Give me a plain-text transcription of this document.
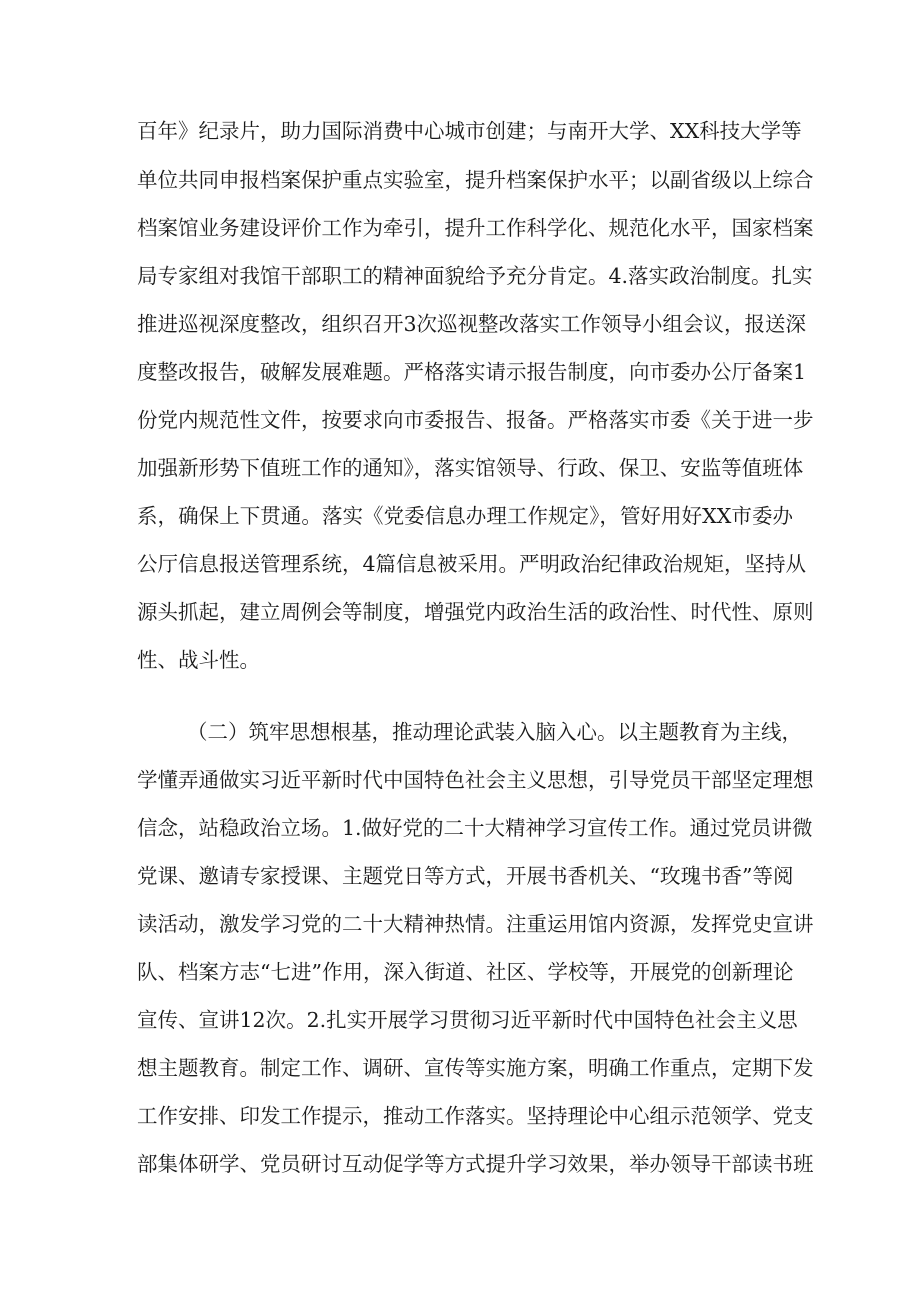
百年》纪录片，助力国际消费中心城市创建；与南开大学、XX科技大学等
单位共同申报档案保护重点实验室，提升档案保护水平；以副省级以上综合
档案馆业务建设评价工作为牵引，提升工作科学化、规范化水平，国家档案
局专家组对我馆干部职工的精神面貌给予充分肯定。4.落实政治制度。扎实
推进巡视深度整改，组织召开3次巡视整改落实工作领导小组会议，报送深
度整改报告，破解发展难题。严格落实请示报告制度，向市委办公厅备案1
份党内规范性文件，按要求向市委报告、报备。严格落实市委《关于进一步
加强新形势下值班工作的通知》，落实馆领导、行政、保卫、安监等值班体
系，确保上下贯通。落实《党委信息办理工作规定》，管好用好XX市委办
公厅信息报送管理系统，4篇信息被采用。严明政治纪律政治规矩，坚持从
源头抓起，建立周例会等制度，增强党内政治生活的政治性、时代性、原则
性、战斗性。
（二）筑牢思想根基，推动理论武装入脑入心。以主题教育为主线，
学懂弄通做实习近平新时代中国特色社会主义思想，引导党员干部坚定理想
信念，站稳政治立场。1.做好党的二十大精神学习宣传工作。通过党员讲微
党课、邀请专家授课、主题党日等方式，开展书香机关、“玫瑰书香”等阅
读活动，激发学习党的二十大精神热情。注重运用馆内资源，发挥党史宣讲
队、档案方志“七进”作用，深入街道、社区、学校等，开展党的创新理论
宣传、宣讲12次。2.扎实开展学习贯彻习近平新时代中国特色社会主义思
想主题教育。制定工作、调研、宣传等实施方案，明确工作重点，定期下发
工作安排、印发工作提示，推动工作落实。坚持理论中心组示范领学、党支
部集体研学、党员研讨互动促学等方式提升学习效果，举办领导干部读书班
